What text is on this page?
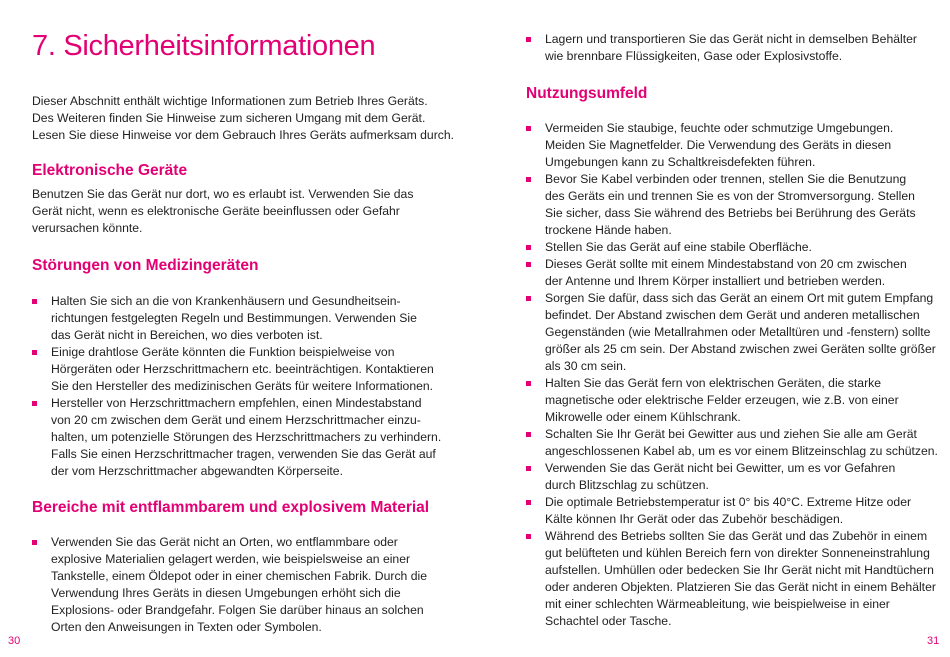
7. Sicherheitsinformationen
Dieser Abschnitt enthält wichtige Informationen zum Betrieb Ihres Geräts.
Des Weiteren finden Sie Hinweise zum sicheren Umgang mit dem Gerät.
Lesen Sie diese Hinweise vor dem Gebrauch Ihres Geräts aufmerksam durch.
Elektronische Geräte
Benutzen Sie das Gerät nur dort, wo es erlaubt ist. Verwenden Sie das
Gerät nicht, wenn es elektronische Geräte beeinflussen oder Gefahr
verursachen könnte.
Störungen von Medizingeräten
Halten Sie sich an die von Krankenhäusern und Gesundheitsein-
richtungen festgelegten Regeln und Bestimmungen. Verwenden Sie
das Gerät nicht in Bereichen, wo dies verboten ist.
Einige drahtlose Geräte könnten die Funktion beispielweise von
Hörgeräten oder Herzschrittmachern etc. beeinträchtigen. Kontaktieren
Sie den Hersteller des medizinischen Geräts für weitere Informationen.
Hersteller von Herzschrittmachern empfehlen, einen Mindestabstand
von 20 cm zwischen dem Gerät und einem Herzschrittmacher einzu-
halten, um potenzielle Störungen des Herzschrittmachers zu verhindern.
Falls Sie einen Herzschrittmacher tragen, verwenden Sie das Gerät auf
der vom Herzschrittmacher abgewandten Körperseite.
Bereiche mit entflammbarem und explosivem Material
Verwenden Sie das Gerät nicht an Orten, wo entflammbare oder
explosive Materialien gelagert werden, wie beispielsweise an einer
Tankstelle, einem Öldepot oder in einer chemischen Fabrik. Durch die
Verwendung Ihres Geräts in diesen Umgebungen erhöht sich die
Explosions- oder Brandgefahr. Folgen Sie darüber hinaus an solchen
Orten den Anweisungen in Texten oder Symbolen.
30
Lagern und transportieren Sie das Gerät nicht in demselben Behälter
wie brennbare Flüssigkeiten, Gase oder Explosivstoffe.
Nutzungsumfeld
Vermeiden Sie staubige, feuchte oder schmutzige Umgebungen.
Meiden Sie Magnetfelder. Die Verwendung des Geräts in diesen
Umgebungen kann zu Schaltkreisdefekten führen.
Bevor Sie Kabel verbinden oder trennen, stellen Sie die Benutzung
des Geräts ein und trennen Sie es von der Stromversorgung. Stellen
Sie sicher, dass Sie während des Betriebs bei Berührung des Geräts
trockene Hände haben.
Stellen Sie das Gerät auf eine stabile Oberfläche.
Dieses Gerät sollte mit einem Mindestabstand von 20 cm zwischen
der Antenne und Ihrem Körper installiert und betrieben werden.
Sorgen Sie dafür, dass sich das Gerät an einem Ort mit gutem Empfang
befindet. Der Abstand zwischen dem Gerät und anderen metallischen
Gegenständen (wie Metallrahmen oder Metalltüren und -fenstern) sollte
größer als 25 cm sein. Der Abstand zwischen zwei Geräten sollte größer
als 30 cm sein.
Halten Sie das Gerät fern von elektrischen Geräten, die starke
magnetische oder elektrische Felder erzeugen, wie z.B. von einer
Mikrowelle oder einem Kühlschrank.
Schalten Sie Ihr Gerät bei Gewitter aus und ziehen Sie alle am Gerät
angeschlossenen Kabel ab, um es vor einem Blitzeinschlag zu schützen.
Verwenden Sie das Gerät nicht bei Gewitter, um es vor Gefahren
durch Blitzschlag zu schützen.
Die optimale Betriebstemperatur ist 0° bis 40°C. Extreme Hitze oder
Kälte können Ihr Gerät oder das Zubehör beschädigen.
Während des Betriebs sollten Sie das Gerät und das Zubehör in einem
gut belüfteten und kühlen Bereich fern von direkter Sonneneinstrahlung
aufstellen. Umhüllen oder bedecken Sie Ihr Gerät nicht mit Handtüchern
oder anderen Objekten. Platzieren Sie das Gerät nicht in einem Behälter
mit einer schlechten Wärmeableitung, wie beispielweise in einer
Schachtel oder Tasche.
31
